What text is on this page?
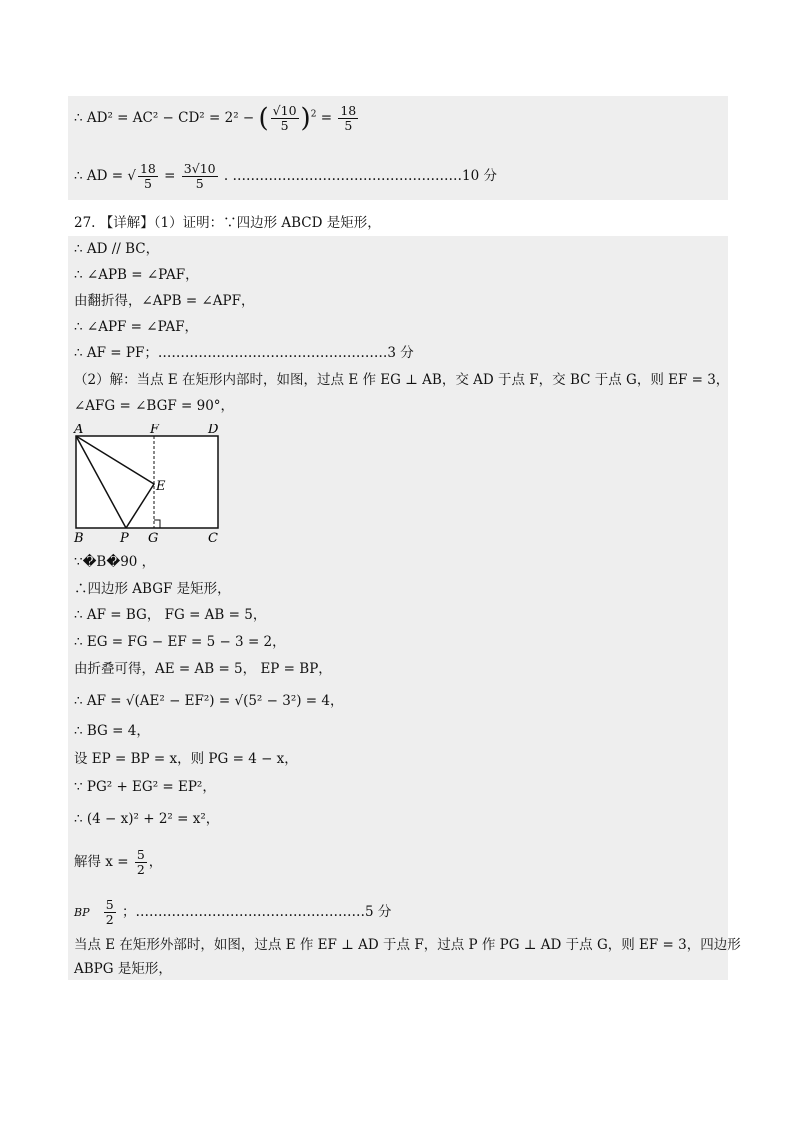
∴ AD² = AC² − CD² = 2² − ( $\frac{√10}{5} )^2 = \frac{18}{5}$
∴ AD = √ $\frac{18}{5} = \frac{3√10}{5}$ . ……………………………………………10 分
27. 【详解】（1）证明：∵四边形 ABCD 是矩形，
∴ AD // BC，
∴ ∠APB = ∠PAF，
由翻折得，∠APB = ∠APF，
∴ ∠APF = ∠PAF，
∴ AF = PF；……………………………………………3 分
（2）解：当点 E 在矩形内部时，如图，过点 E 作 EG ⊥ AB，交 AD 于点 F，交 BC 于点 G，则 EF = 3，
∠AFG = ∠BGF = 90°，
A	F	D
E
B	P G	C
∵�B�90 ，
∴四边形 ABGF 是矩形，
∴ AF = BG， FG = AB = 5，
∴ EG = FG − EF = 5 − 3 = 2，
由折叠可得，AE = AB = 5， EP = BP，
∴ AF = √(AE² − EF²) = √(5² − 3²) = 4，
∴ BG = 4，
设 EP = BP = x，则 PG = 4 − x，
∵ PG² + EG² = EP²，
∴ (4 − x)² + 2² = x²，
解得 $x = \frac{5}{2}$ ，
BP $\frac{5}{2}$ ；……………………………………………5 分
当点 E 在矩形外部时，如图，过点 E 作 EF ⊥ AD 于点 F，过点 P 作 PG ⊥ AD 于点 G，则 EF = 3，四边形
ABPG 是矩形，
